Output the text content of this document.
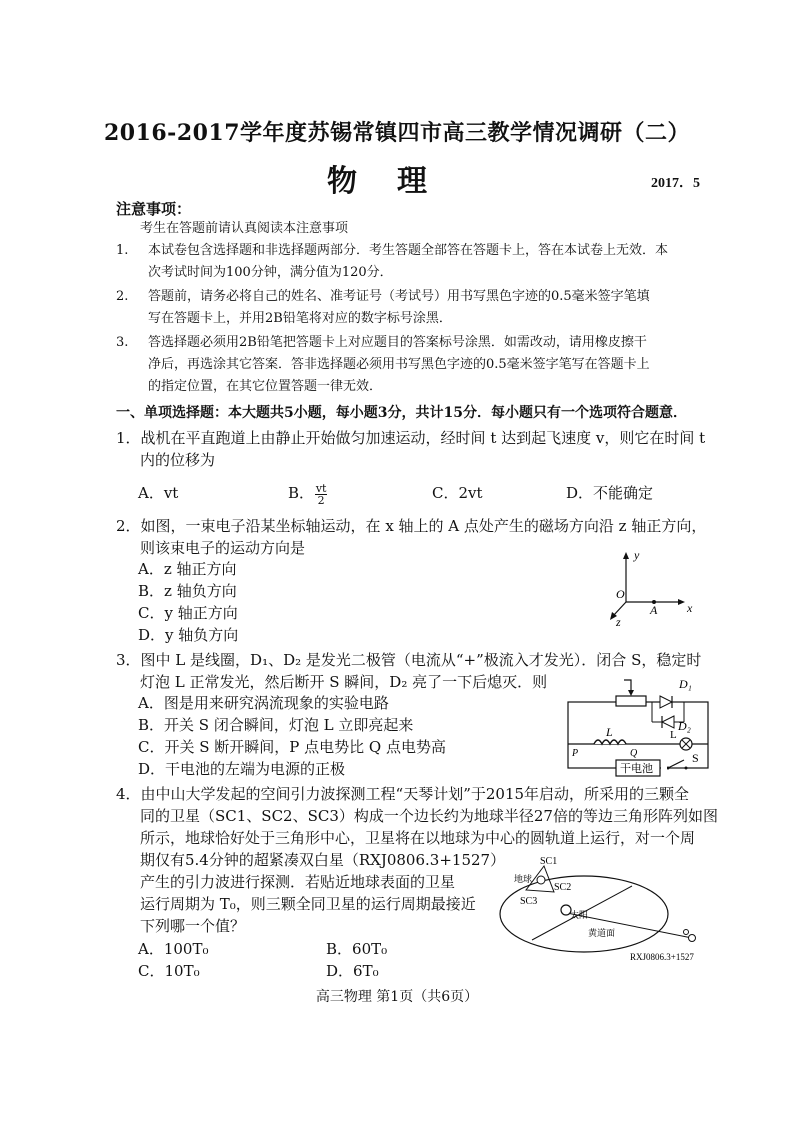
2016-2017学年度苏锡常镇四市高三教学情况调研（二）
物理	2017．5
注意事项：
考生在答题前请认真阅读本注意事项
1. 本试卷包含选择题和非选择题两部分．考生答题全部答在答题卡上，答在本试卷上无效．本
次考试时间为100分钟，满分值为120分．
2. 答题前，请务必将自己的姓名、准考证号（考试号）用书写黑色字迹的0.5毫米签字笔填
写在答题卡上，并用2B铅笔将对应的数字标号涂黑．
3. 答选择题必须用2B铅笔把答题卡上对应题目的答案标号涂黑．如需改动，请用橡皮擦干
净后，再选涂其它答案．答非选择题必须用书写黑色字迹的0.5毫米签字笔写在答题卡上
的指定位置，在其它位置答题一律无效．
一、单项选择题：本大题共5小题，每小题3分，共计15分．每小题只有一个选项符合题意．
1．战机在平直跑道上由静止开始做匀加速运动，经时间 t 达到起飞速度 v，则它在时间 t
内的位移为
A．vt	B． $\frac{vt}{2}$	C．2vt	D．不能确定
2．如图，一束电子沿某坐标轴运动，在 x 轴上的 A 点处产生的磁场方向沿 z 轴正方向，
则该束电子的运动方向是
A．z 轴正方向
B．z 轴负方向
C．y 轴正方向
D．y 轴负方向
y
x
z
O
A
3．图中 L 是线圈，D₁、D₂ 是发光二极管（电流从“+”极流入才发光）．闭合 S，稳定时
灯泡 L 正常发光，然后断开 S 瞬间，D₂ 亮了一下后熄灭．则
A．图是用来研究涡流现象的实验电路
B．开关 S 闭合瞬间，灯泡 L 立即亮起来
C．开关 S 断开瞬间，P 点电势比 Q 点电势高
D．干电池的左端为电源的正极
D₁
D₂
L	L
P	Q
干电池
S
4．由中山大学发起的空间引力波探测工程“天琴计划”于2015年启动，所采用的三颗全
同的卫星（SC1、SC2、SC3）构成一个边长约为地球半径27倍的等边三角形阵列如图
所示，地球恰好处于三角形中心，卫星将在以地球为中心的圆轨道上运行，对一个周
期仅有5.4分钟的超紧凑双白星（RXJ0806.3+1527）
产生的引力波进行探测．若贴近地球表面的卫星
运行周期为 T₀，则三颗全同卫星的运行周期最接近
下列哪一个值？
A．100T₀	B．60T₀
C．10T₀	D．6T₀
SC1
SC2
SC3
地球
太阳
黄道面
RXJ0806.3+1527
高三物理 第1页（共6页）
